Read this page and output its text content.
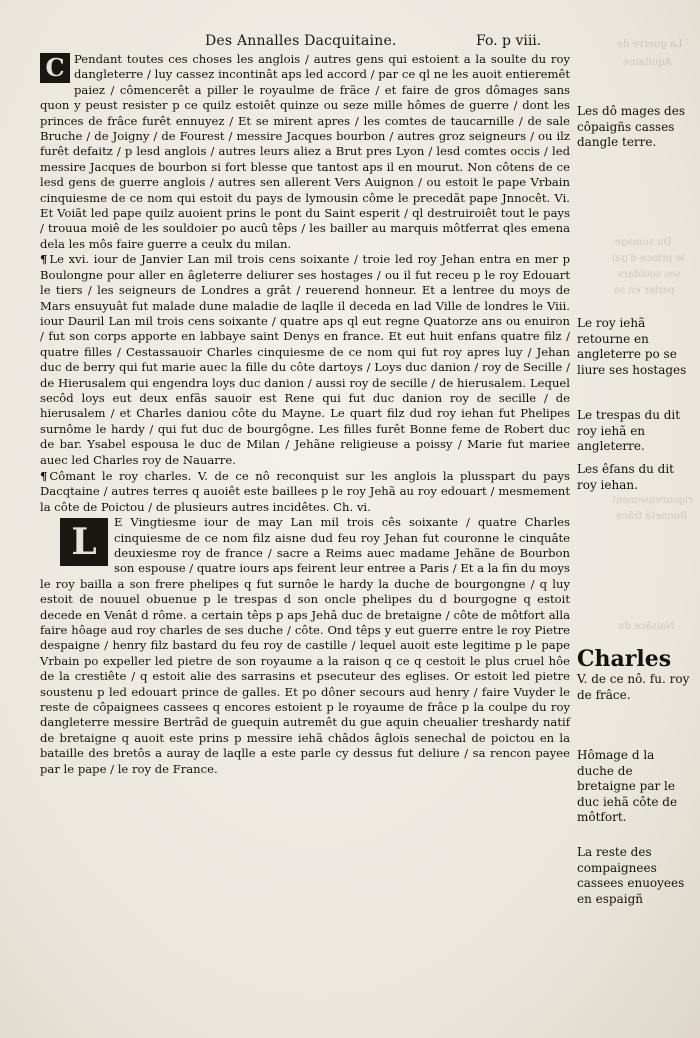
La guerre de
Aquitaine
Du somage
le prince d'gal
ses souldars
parler en sa
rigoureusement
Bonneté frâce
Naisãce du
Des Annalles Dacquitaine.	Fo. p viii.

C Pendant toutes ces choses les anglois / autres gens qui estoient a la soulte du roy dangleterre / luy cassez incontinât aps led accord / par ce ql ne les auoit entieremêt paiez / cômencerêt a piller le royaulme de frãce / et faire de gros dômages sans quon y peust resister p ce quilz estoiêt quinze ou seze mille hômes de guerre / dont les princes de frâce furêt ennuyez / Et se mirent apres / les comtes de taucarnille / de sale Bruche / de Joigny / de Fourest / messire Jacques bourbon / autres groz seigneurs / ou ilz furêt defaitz / p lesd anglois / autres leurs aliez a Brut pres Lyon / lesd comtes occis / led messire Jacques de bourbon si fort blesse que tantost aps il en mourut. Non côtens de ce lesd gens de guerre anglois / autres sen allerent Vers Auignon / ou estoit le pape Vrbain cinquiesme de ce nom qui estoit du pays de lymousin côme le precedãt pape Jnnocêt. Vi. Et Voiãt led pape quilz auoient prins le pont du Saint esperit / ql destruiroiêt tout le pays / trouua moiê de les souldoier po aucû têps / les bailler au marquis môtferrat qles emena dela les môs faire guerre a ceulx du milan.

¶ Le xvi. iour de Janvier Lan mil trois cens soixante / troie led roy Jehan entra en mer p Boulongne pour aller en âgleterre deliurer ses hostages / ou il fut receu p le roy Edouart le tiers / les seigneurs de Londres a grât / reuerend honneur. Et a lentree du moys de Mars ensuyuât fut malade dune maladie de laqlle il deceda en lad Ville de londres le Viii. iour Dauril Lan mil trois cens soixante / quatre aps ql eut regne Quatorze ans ou enuiron / fut son corps apporte en labbaye saint Denys en france. Et eut huit enfans quatre filz / quatre filles / Cestassauoir Charles cinquiesme de ce nom qui fut roy apres luy / Jehan duc de berry qui fut marie auec la fille du côte dartoys / Loys duc danion / roy de Secille / de Hierusalem qui engendra loys duc danion / aussi roy de secille / de hierusalem. Lequel secôd loys eut deux enfãs sauoir est Rene qui fut duc danion roy de secille / de hierusalem / et Charles daniou côte du Mayne. Le quart filz dud roy iehan fut Phelipes surnôme le hardy / qui fut duc de bourgôgne. Les filles furêt Bonne feme de Robert duc de bar. Ysabel espousa le duc de Milan / Jehãne religieuse a poissy / Marie fut mariee auec led Charles roy de Nauarre.

¶ Cômant le roy charles. V. de ce nô reconquist sur les anglois la plusspart du pays Dacqtaine / autres terres q auoiêt este baillees p le roy Jehã au roy edouart / mesmement la côte de Poictou / de plusieurs autres incidêtes. Ch. vi.

L	E Vingtiesme iour de may Lan mil trois cês soixante / quatre Charles cinquiesme de ce nom filz aisne dud feu roy Jehan fut couronne le cinquâte deuxiesme roy de france / sacre a Reims auec madame Jehãne de Bourbon son espouse / quatre iours aps feirent leur entree a Paris / Et a la fin du moys le roy bailla a son frere phelipes q fut surnôe le hardy la duche de bourgongne / q luy estoit de nouuel obuenue p le trespas d son oncle phelipes du d bourgogne q estoit decede en Venât d rôme. a certain têps p aps Jehâ duc de bretaigne / côte de môtfort alla faire hôage aud roy charles de ses duche / côte. Ond têps y eut guerre entre le roy Pietre despaigne / henry filz bastard du feu roy de castille / lequel auoit este legitime p le pape Vrbain po expeller led pietre de son royaume a la raison q ce q cestoit le plus cruel hôe de la crestiête / q estoit alie des sarrasins et psecuteur des eglises. Or estoit led pietre soustenu p led edouart prince de galles. Et po dôner secours aud henry / faire Vuyder le reste de côpaignees cassees q encores estoient p le royaume de frâce p la coulpe du roy dangleterre messire Bertrãd de guequin autremêt du gue aquin cheualier treshardy natif de bretaigne q auoit este prins p messire iehã châdos âglois senechal de poictou en la bataille des bretôs a auray de laqlle a este parle cy dessus fut deliure / sa rencon payee par le pape / le roy de France.

Les dô mages des côpaigñs casses dangle terre.
Le roy iehã retourne en angleterre po se liure ses hostages
Le trespas du dit roy iehã en angleterre.
Les êfans du dit roy iehan.
Charles
V. de ce nô. fu. roy de frâce.
Hômage d la duche de bretaigne par le duc iehã côte de môtfort.
La reste des compaignees cassees enuoyees en espaigñ
